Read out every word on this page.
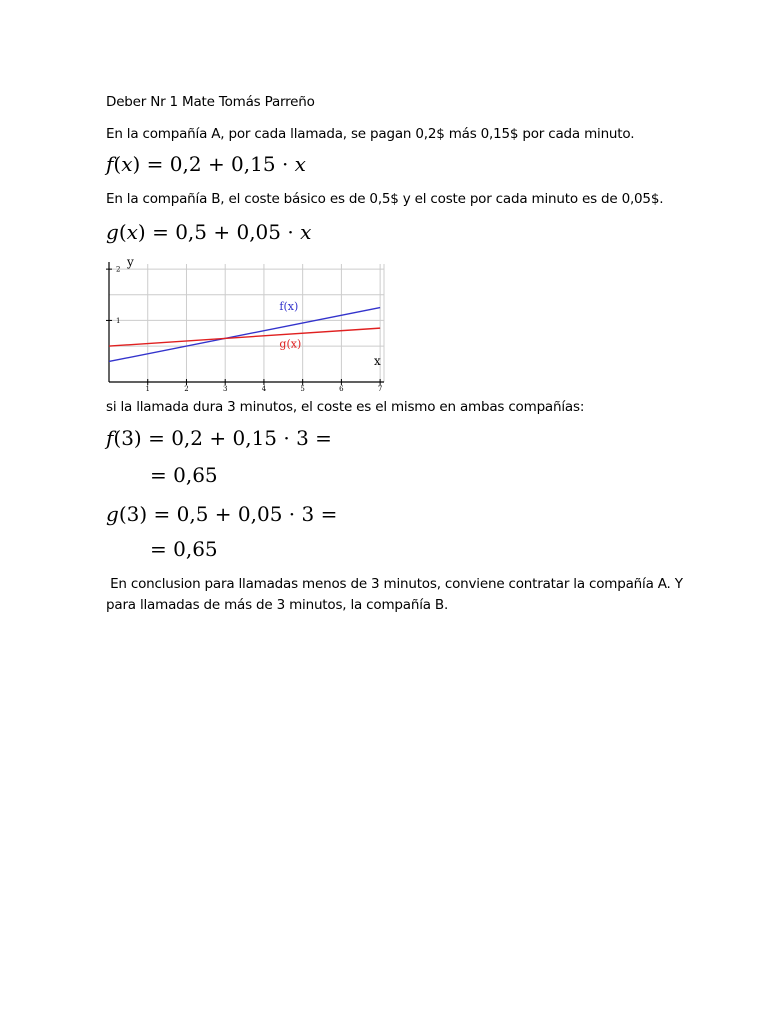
Deber Nr 1 Mate Tomás Parreño
En la compañía A, por cada llamada, se pagan 0,2$ más 0,15$ por cada minuto.
f(x) = 0,2 + 0,15 · x
En la compañía B, el coste básico es de 0,5$ y el coste por cada minuto es de 0,05$.
g(x) = 0,5 + 0,05 · x
1	2	3	4	5	6	7
1
2
y
x
f(x)
g(x)
si la llamada dura 3 minutos, el coste es el mismo en ambas compañías:
f(3) = 0,2 + 0,15 · 3 =
= 0,65
g(3) = 0,5 + 0,05 · 3 =
= 0,65
En conclusion para llamadas menos de 3 minutos, conviene contratar la compañía A. Y
para llamadas de más de 3 minutos, la compañía B.
